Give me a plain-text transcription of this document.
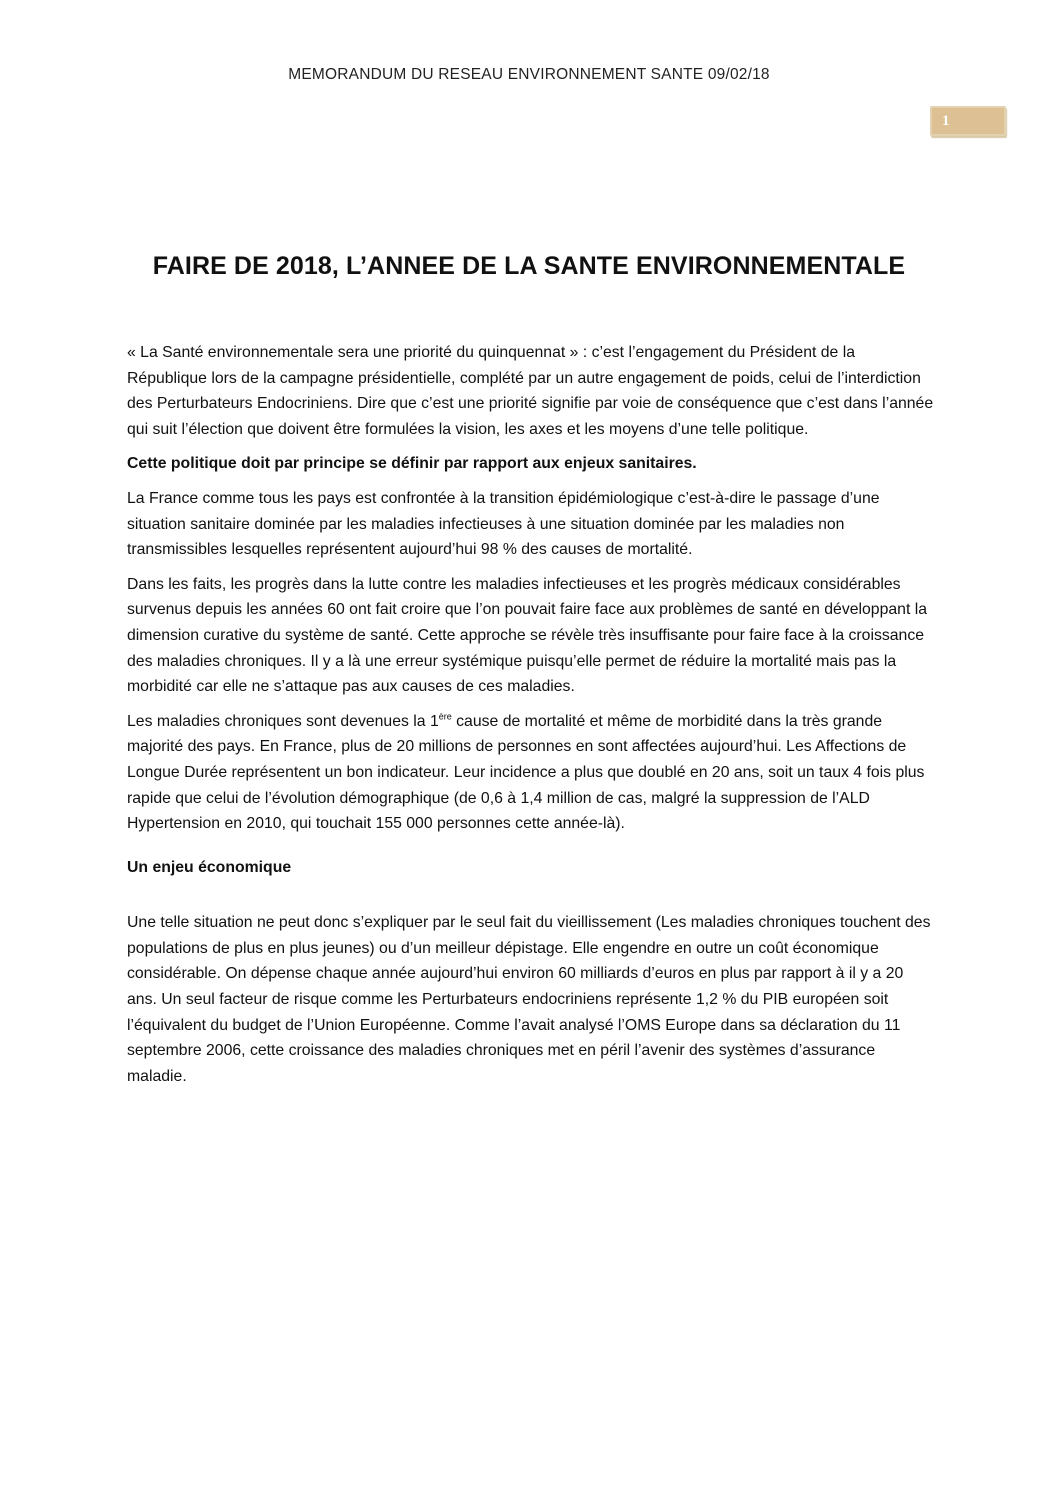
MEMORANDUM DU RESEAU ENVIRONNEMENT SANTE 09/02/18
1
FAIRE DE 2018, L’ANNEE DE LA SANTE ENVIRONNEMENTALE

« La Santé environnementale sera une priorité du quinquennat » : c’est l’engagement du Président de la République lors de la campagne présidentielle, complété par un autre engagement de poids, celui de l’interdiction des Perturbateurs Endocriniens. Dire que c’est une priorité signifie par voie de conséquence que c’est dans l’année qui suit l’élection que doivent être formulées la vision, les axes et les moyens d’une telle politique.

Cette politique doit par principe se définir par rapport aux enjeux sanitaires.

La France comme tous les pays est confrontée à la transition épidémiologique c’est-à-dire le passage d’une situation sanitaire dominée par les maladies infectieuses à une situation dominée par les maladies non transmissibles lesquelles représentent aujourd’hui 98 % des causes de mortalité.

Dans les faits, les progrès dans la lutte contre les maladies infectieuses et les progrès médicaux considérables survenus depuis les années 60 ont fait croire que l’on pouvait faire face aux problèmes de santé en développant la dimension curative du système de santé. Cette approche se révèle très insuffisante pour faire face à la croissance des maladies chroniques. Il y a là une erreur systémique puisqu’elle permet de réduire la mortalité mais pas la morbidité car elle ne s’attaque pas aux causes de ces maladies.

Les maladies chroniques sont devenues la 1ère cause de mortalité et même de morbidité dans la très grande majorité des pays. En France, plus de 20 millions de personnes en sont affectées aujourd’hui. Les Affections de Longue Durée représentent un bon indicateur. Leur incidence a plus que doublé en 20 ans, soit un taux 4 fois plus rapide que celui de l’évolution démographique (de 0,6 à 1,4 million de cas, malgré la suppression de l’ALD Hypertension en 2010, qui touchait 155 000 personnes cette année-là).

Un enjeu économique

Une telle situation ne peut donc s’expliquer par le seul fait du vieillissement (Les maladies chroniques touchent des populations de plus en plus jeunes) ou d’un meilleur dépistage. Elle engendre en outre un coût économique considérable. On dépense chaque année aujourd’hui environ 60 milliards d’euros en plus par rapport à il y a 20 ans. Un seul facteur de risque comme les Perturbateurs endocriniens représente 1,2 % du PIB européen soit l’équivalent du budget de l’Union Européenne. Comme l’avait analysé l’OMS Europe dans sa déclaration du 11 septembre 2006, cette croissance des maladies chroniques met en péril l’avenir des systèmes d’assurance maladie.
